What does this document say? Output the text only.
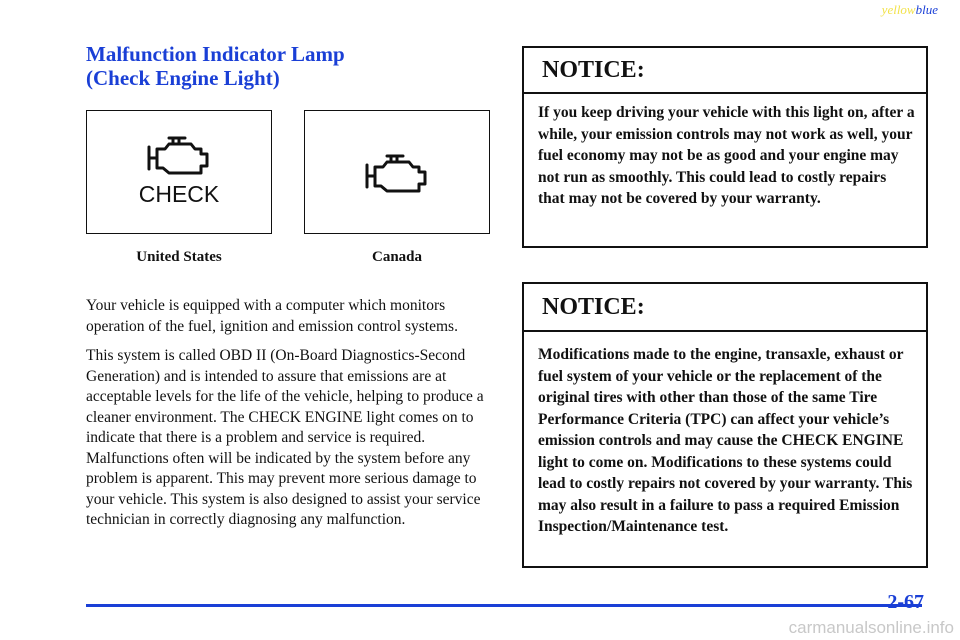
yellowblue
Malfunction Indicator Lamp
(Check Engine Light)
CHECK
United States	Canada

Your vehicle is equipped with a computer which monitors operation of the fuel, ignition and emission control systems.

This system is called OBD II (On‑Board Diagnostics‑Second Generation) and is intended to assure that emissions are at acceptable levels for the life of the vehicle, helping to produce a cleaner environment. The CHECK ENGINE light comes on to indicate that there is a problem and service is required. Malfunctions often will be indicated by the system before any problem is apparent. This may prevent more serious damage to your vehicle. This system is also designed to assist your service technician in correctly diagnosing any malfunction.

NOTICE:
If you keep driving your vehicle with this light on, after a while, your emission controls may not work as well, your fuel economy may not be as good and your engine may not run as smoothly. This could lead to costly repairs that may not be covered by your warranty.
NOTICE:
Modifications made to the engine, transaxle, exhaust or fuel system of your vehicle or the replacement of the original tires with other than those of the same Tire Performance Criteria (TPC) can affect your vehicle’s emission controls and may cause the CHECK ENGINE light to come on. Modifications to these systems could lead to costly repairs not covered by your warranty. This may also result in a failure to pass a required Emission Inspection/Maintenance test.
2-67
carmanualsonline.info
